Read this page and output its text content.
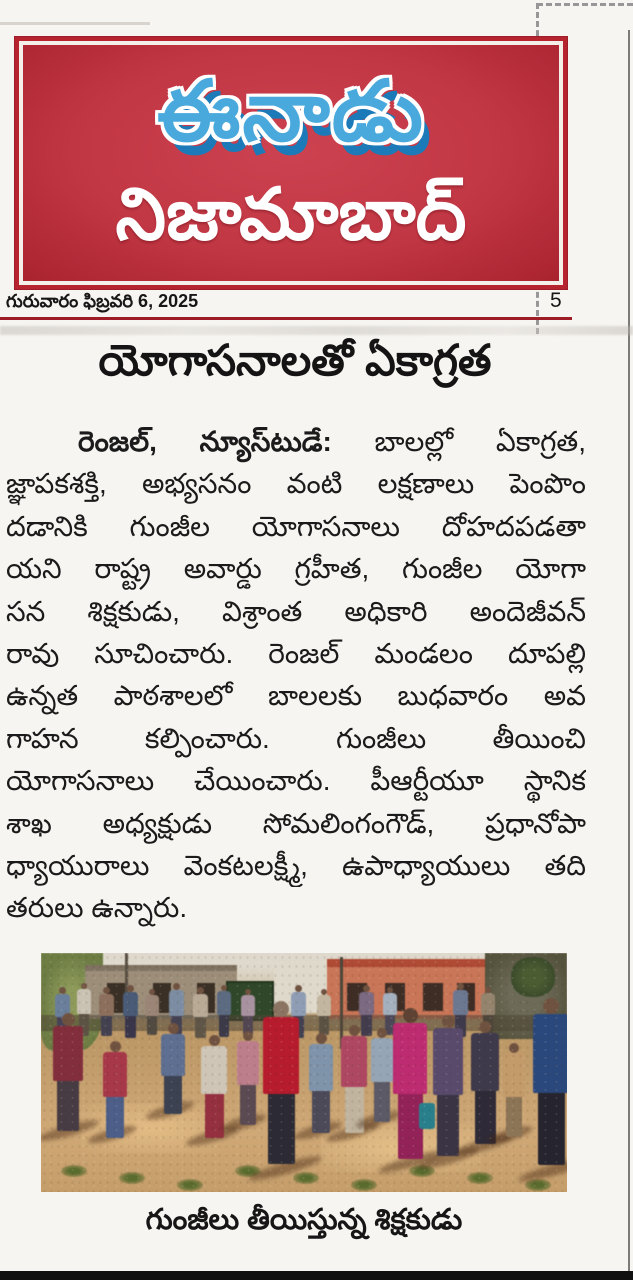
ఈనాడు
నిజామాబాద్
గురువారం ఫిబ్రవరి 6, 2025	5
యోగాసనాలతో ఏకాగ్రత

రెంజల్, న్యూస్‌టుడే: బాలల్లో ఏకాగ్రత,

జ్ఞాపకశక్తి, అభ్యసనం వంటి లక్షణాలు పెంపొం

దడానికి గుంజీల యోగాసనాలు దోహదపడతా

యని రాష్ట్ర అవార్డు గ్రహీత, గుంజీల యోగా

సన శిక్షకుడు, విశ్రాంత అధికారి అందెజీవన్

రావు సూచించారు. రెంజల్ మండలం దూపల్లి

ఉన్నత పాఠశాలలో బాలలకు బుధవారం అవ

గాహన కల్పించారు. గుంజీలు తీయించి

యోగాసనాలు చేయించారు. పీఆర్టీయూ స్థానిక

శాఖ అధ్యక్షుడు సోమలింగంగౌడ్, ప్రధానోపా

ధ్యాయురాలు వెంకటలక్ష్మీ, ఉపాధ్యాయులు తది

తరులు ఉన్నారు.

గుంజీలు తీయిస్తున్న శిక్షకుడు
